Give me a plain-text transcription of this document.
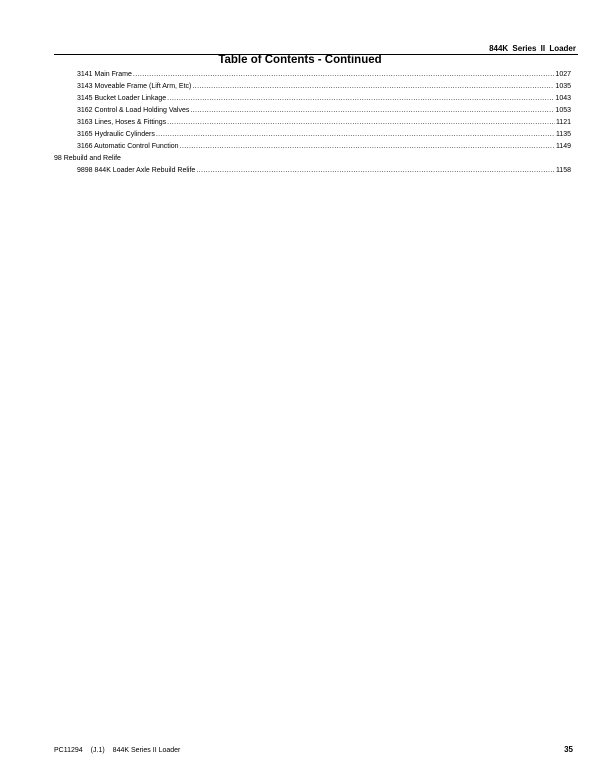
844K Series II Loader
Table of Contents - Continued
3141 Main Frame .....	1027
3143 Moveable Frame (Lift Arm, Etc) .....	1035
3145 Bucket Loader Linkage .....	1043
3162 Control & Load Holding Valves .....	1053
3163 Lines, Hoses & Fittings .....	1121
3165 Hydraulic Cylinders .....	1135
3166 Automatic Control Function .....	1149
98 Rebuild and Relife
9898 844K Loader Axle Rebuild Relife .....	1158
PC11294 (J.1) 844K Series II Loader	35
